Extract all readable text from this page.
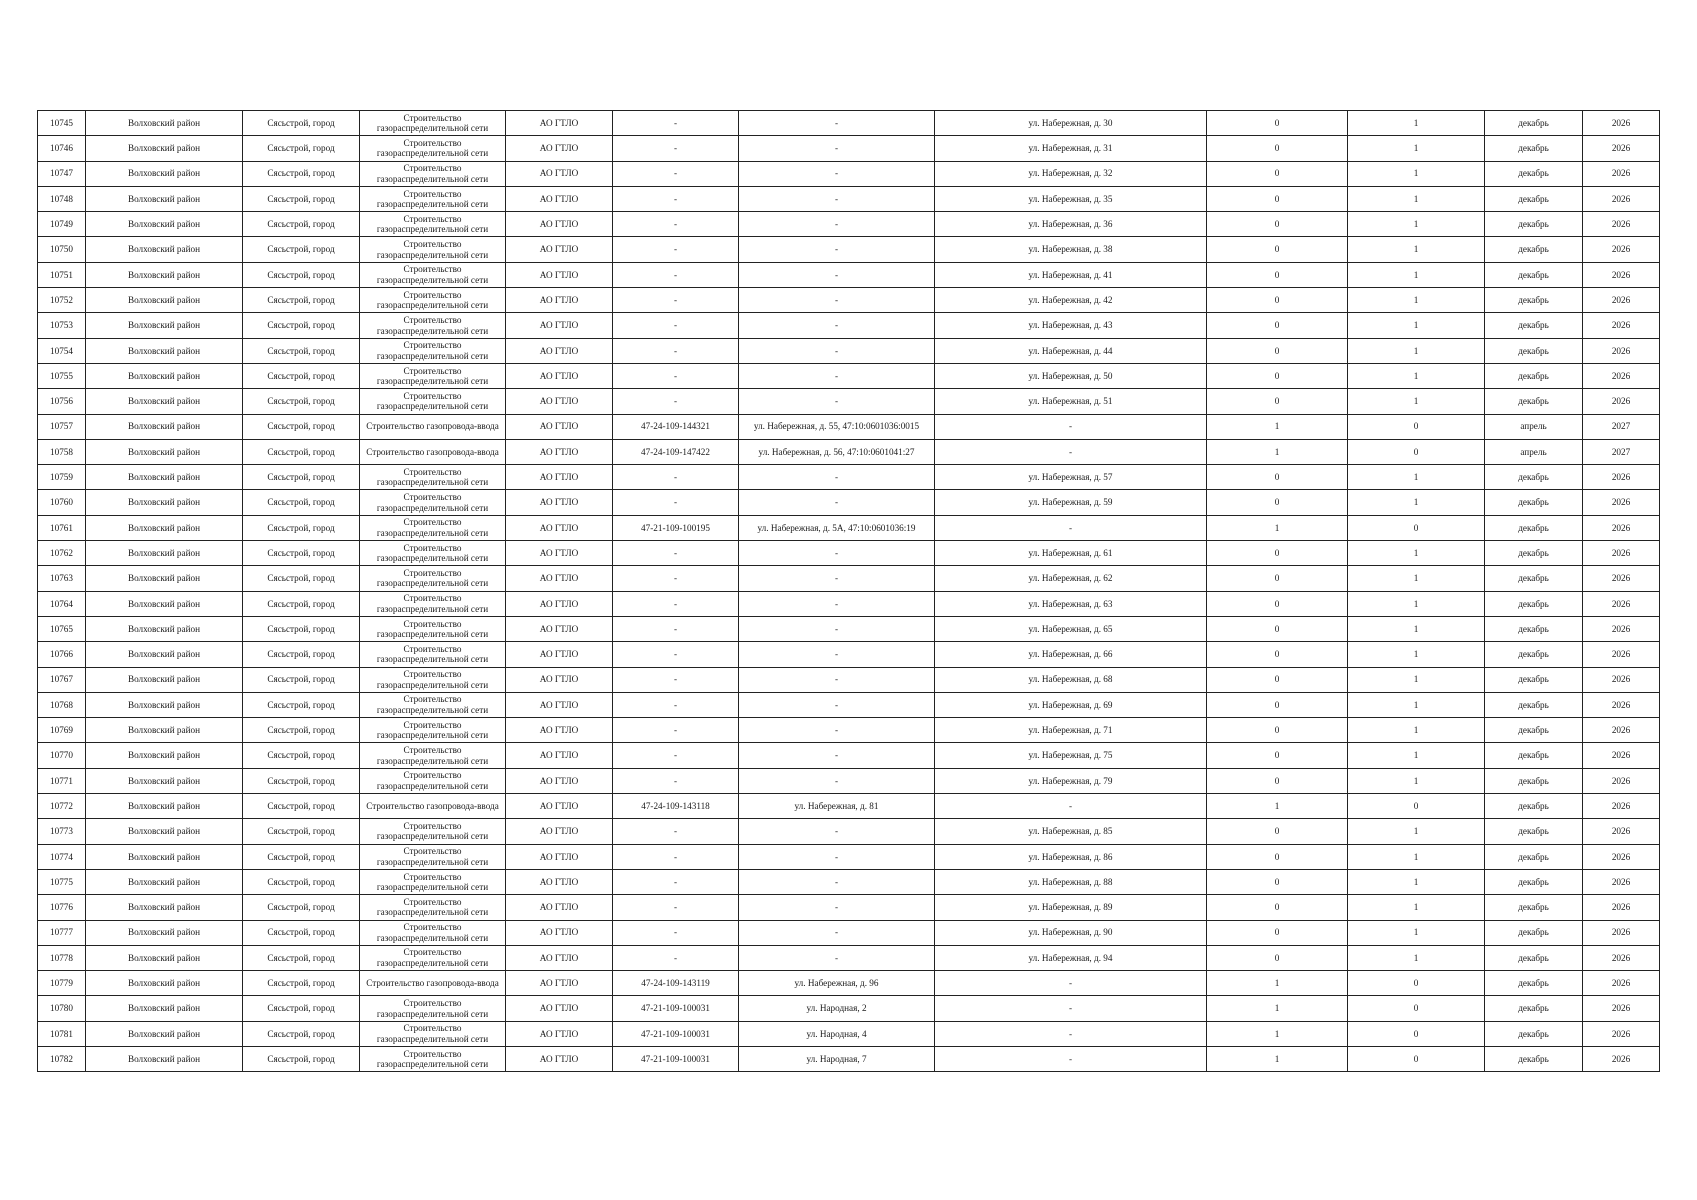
10745	Волховский район	Сясьстрой, город	Строительство газораспределительной сети	АО ГТЛО	-	-	ул. Набережная, д. 30	0	1	декабрь	2026
10746	Волховский район	Сясьстрой, город	Строительство газораспределительной сети	АО ГТЛО	-	-	ул. Набережная, д. 31	0	1	декабрь	2026
10747	Волховский район	Сясьстрой, город	Строительство газораспределительной сети	АО ГТЛО	-	-	ул. Набережная, д. 32	0	1	декабрь	2026
10748	Волховский район	Сясьстрой, город	Строительство газораспределительной сети	АО ГТЛО	-	-	ул. Набережная, д. 35	0	1	декабрь	2026
10749	Волховский район	Сясьстрой, город	Строительство газораспределительной сети	АО ГТЛО	-	-	ул. Набережная, д. 36	0	1	декабрь	2026
10750	Волховский район	Сясьстрой, город	Строительство газораспределительной сети	АО ГТЛО	-	-	ул. Набережная, д. 38	0	1	декабрь	2026
10751	Волховский район	Сясьстрой, город	Строительство газораспределительной сети	АО ГТЛО	-	-	ул. Набережная, д. 41	0	1	декабрь	2026
10752	Волховский район	Сясьстрой, город	Строительство газораспределительной сети	АО ГТЛО	-	-	ул. Набережная, д. 42	0	1	декабрь	2026
10753	Волховский район	Сясьстрой, город	Строительство газораспределительной сети	АО ГТЛО	-	-	ул. Набережная, д. 43	0	1	декабрь	2026
10754	Волховский район	Сясьстрой, город	Строительство газораспределительной сети	АО ГТЛО	-	-	ул. Набережная, д. 44	0	1	декабрь	2026
10755	Волховский район	Сясьстрой, город	Строительство газораспределительной сети	АО ГТЛО	-	-	ул. Набережная, д. 50	0	1	декабрь	2026
10756	Волховский район	Сясьстрой, город	Строительство газораспределительной сети	АО ГТЛО	-	-	ул. Набережная, д. 51	0	1	декабрь	2026
10757	Волховский район	Сясьстрой, город	Строительство газопровода-ввода	АО ГТЛО	47-24-109-144321	ул. Набережная, д. 55, 47:10:0601036:0015	-	1	0	апрель	2027
10758	Волховский район	Сясьстрой, город	Строительство газопровода-ввода	АО ГТЛО	47-24-109-147422	ул. Набережная, д. 56, 47:10:0601041:27	-	1	0	апрель	2027
10759	Волховский район	Сясьстрой, город	Строительство газораспределительной сети	АО ГТЛО	-	-	ул. Набережная, д. 57	0	1	декабрь	2026
10760	Волховский район	Сясьстрой, город	Строительство газораспределительной сети	АО ГТЛО	-	-	ул. Набережная, д. 59	0	1	декабрь	2026
10761	Волховский район	Сясьстрой, город	Строительство газораспределительной сети	АО ГТЛО	47-21-109-100195	ул. Набережная, д. 5А, 47:10:0601036:19	-	1	0	декабрь	2026
10762	Волховский район	Сясьстрой, город	Строительство газораспределительной сети	АО ГТЛО	-	-	ул. Набережная, д. 61	0	1	декабрь	2026
10763	Волховский район	Сясьстрой, город	Строительство газораспределительной сети	АО ГТЛО	-	-	ул. Набережная, д. 62	0	1	декабрь	2026
10764	Волховский район	Сясьстрой, город	Строительство газораспределительной сети	АО ГТЛО	-	-	ул. Набережная, д. 63	0	1	декабрь	2026
10765	Волховский район	Сясьстрой, город	Строительство газораспределительной сети	АО ГТЛО	-	-	ул. Набережная, д. 65	0	1	декабрь	2026
10766	Волховский район	Сясьстрой, город	Строительство газораспределительной сети	АО ГТЛО	-	-	ул. Набережная, д. 66	0	1	декабрь	2026
10767	Волховский район	Сясьстрой, город	Строительство газораспределительной сети	АО ГТЛО	-	-	ул. Набережная, д. 68	0	1	декабрь	2026
10768	Волховский район	Сясьстрой, город	Строительство газораспределительной сети	АО ГТЛО	-	-	ул. Набережная, д. 69	0	1	декабрь	2026
10769	Волховский район	Сясьстрой, город	Строительство газораспределительной сети	АО ГТЛО	-	-	ул. Набережная, д. 71	0	1	декабрь	2026
10770	Волховский район	Сясьстрой, город	Строительство газораспределительной сети	АО ГТЛО	-	-	ул. Набережная, д. 75	0	1	декабрь	2026
10771	Волховский район	Сясьстрой, город	Строительство газораспределительной сети	АО ГТЛО	-	-	ул. Набережная, д. 79	0	1	декабрь	2026
10772	Волховский район	Сясьстрой, город	Строительство газопровода-ввода	АО ГТЛО	47-24-109-143118	ул. Набережная, д. 81	-	1	0	декабрь	2026
10773	Волховский район	Сясьстрой, город	Строительство газораспределительной сети	АО ГТЛО	-	-	ул. Набережная, д. 85	0	1	декабрь	2026
10774	Волховский район	Сясьстрой, город	Строительство газораспределительной сети	АО ГТЛО	-	-	ул. Набережная, д. 86	0	1	декабрь	2026
10775	Волховский район	Сясьстрой, город	Строительство газораспределительной сети	АО ГТЛО	-	-	ул. Набережная, д. 88	0	1	декабрь	2026
10776	Волховский район	Сясьстрой, город	Строительство газораспределительной сети	АО ГТЛО	-	-	ул. Набережная, д. 89	0	1	декабрь	2026
10777	Волховский район	Сясьстрой, город	Строительство газораспределительной сети	АО ГТЛО	-	-	ул. Набережная, д. 90	0	1	декабрь	2026
10778	Волховский район	Сясьстрой, город	Строительство газораспределительной сети	АО ГТЛО	-	-	ул. Набережная, д. 94	0	1	декабрь	2026
10779	Волховский район	Сясьстрой, город	Строительство газопровода-ввода	АО ГТЛО	47-24-109-143119	ул. Набережная, д. 96	-	1	0	декабрь	2026
10780	Волховский район	Сясьстрой, город	Строительство газораспределительной сети	АО ГТЛО	47-21-109-100031	ул. Народная, 2	-	1	0	декабрь	2026
10781	Волховский район	Сясьстрой, город	Строительство газораспределительной сети	АО ГТЛО	47-21-109-100031	ул. Народная, 4	-	1	0	декабрь	2026
10782	Волховский район	Сясьстрой, город	Строительство газораспределительной сети	АО ГТЛО	47-21-109-100031	ул. Народная, 7	-	1	0	декабрь	2026
